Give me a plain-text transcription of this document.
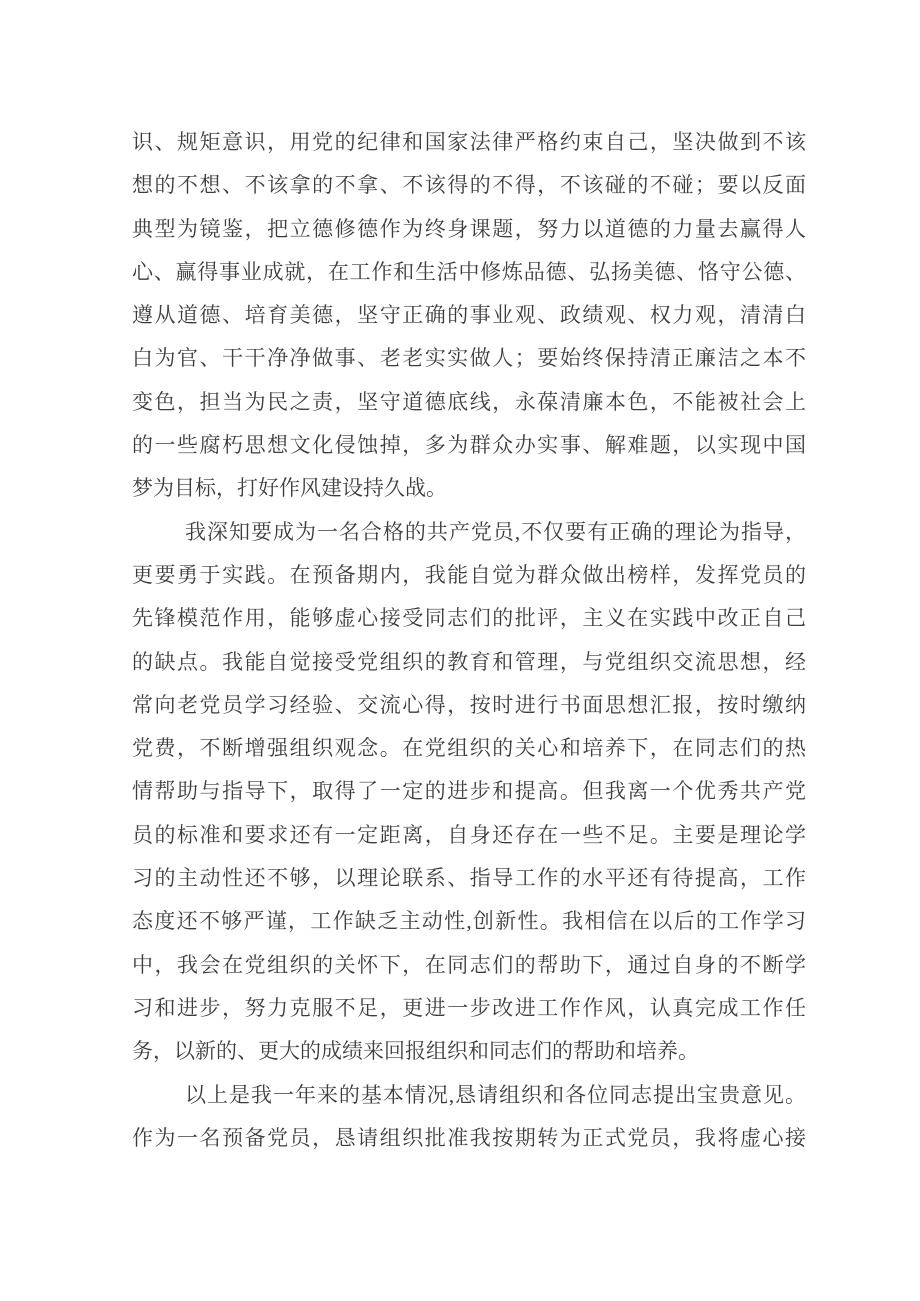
识、规矩意识，用党的纪律和国家法律严格约束自己，坚决做到不该
想的不想、不该拿的不拿、不该得的不得，不该碰的不碰；要以反面
典型为镜鉴，把立德修德作为终身课题，努力以道德的力量去赢得人
心、赢得事业成就，在工作和生活中修炼品德、弘扬美德、恪守公德、
遵从道德、培育美德，坚守正确的事业观、政绩观、权力观，清清白
白为官、干干净净做事、老老实实做人；要始终保持清正廉洁之本不
变色，担当为民之责，坚守道德底线，永葆清廉本色，不能被社会上
的一些腐朽思想文化侵蚀掉，多为群众办实事、解难题，以实现中国
梦为目标，打好作风建设持久战。
我深知要成为一名合格的共产党员,不仅要有正确的理论为指导，
更要勇于实践。在预备期内，我能自觉为群众做出榜样，发挥党员的
先锋模范作用，能够虚心接受同志们的批评，主义在实践中改正自己
的缺点。我能自觉接受党组织的教育和管理，与党组织交流思想，经
常向老党员学习经验、交流心得，按时进行书面思想汇报，按时缴纳
党费，不断增强组织观念。在党组织的关心和培养下，在同志们的热
情帮助与指导下，取得了一定的进步和提高。但我离一个优秀共产党
员的标准和要求还有一定距离，自身还存在一些不足。主要是理论学
习的主动性还不够，以理论联系、指导工作的水平还有待提高，工作
态度还不够严谨，工作缺乏主动性,创新性。我相信在以后的工作学习
中，我会在党组织的关怀下，在同志们的帮助下，通过自身的不断学
习和进步，努力克服不足，更进一步改进工作作风，认真完成工作任
务，以新的、更大的成绩来回报组织和同志们的帮助和培养。
以上是我一年来的基本情况,恳请组织和各位同志提出宝贵意见。
作为一名预备党员，恳请组织批准我按期转为正式党员，我将虚心接
